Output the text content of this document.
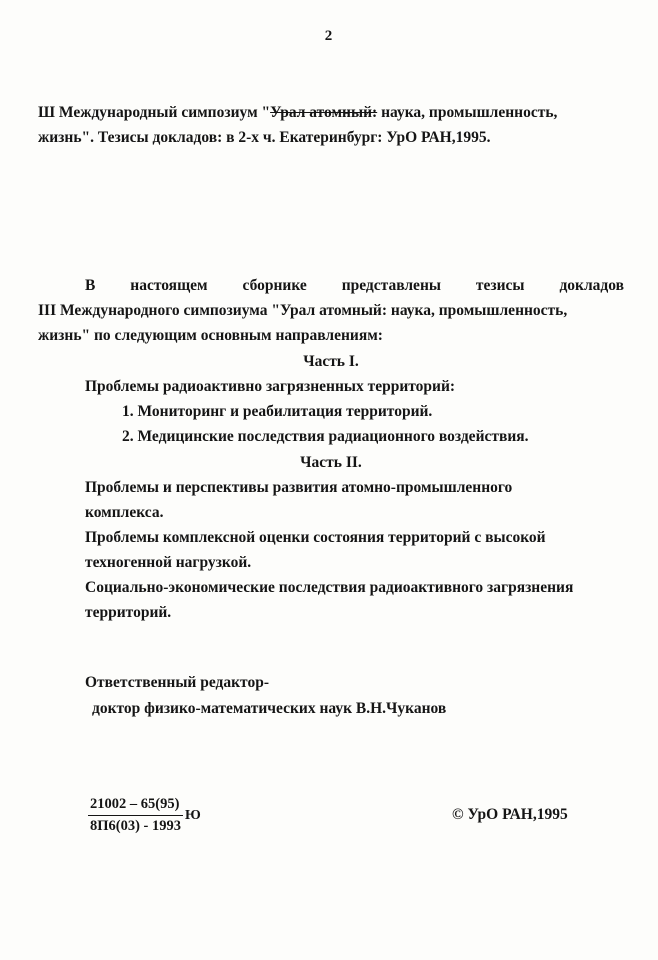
2
Ш Международный симпозиум "Урал атомный: наука, промышленность,
жизнь". Тезисы докладов: в 2-х ч. Екатеринбург: УрО РАН,1995.
В настоящем сборнике представлены тезисы докладов
III Международного симпозиума "Урал атомный: наука, промышленность,
жизнь" по следующим основным направлениям:
Часть I.
Проблемы радиоактивно загрязненных территорий:
1. Мониторинг и реабилитация территорий.
2. Медицинские последствия радиационного воздействия.
Часть II.
Проблемы и перспективы развития атомно-промышленного комплекса.
Проблемы комплексной оценки состояния территорий с высокой техногенной нагрузкой.
Социально-экономические последствия радиоактивного загрязнения территорий.
Ответственный редактор-
доктор физико-математических наук В.Н.Чуканов
$\frac{21002 - 65(95)}{8П6(03) - 1993}$ Ю	© УрО РАН,1995
